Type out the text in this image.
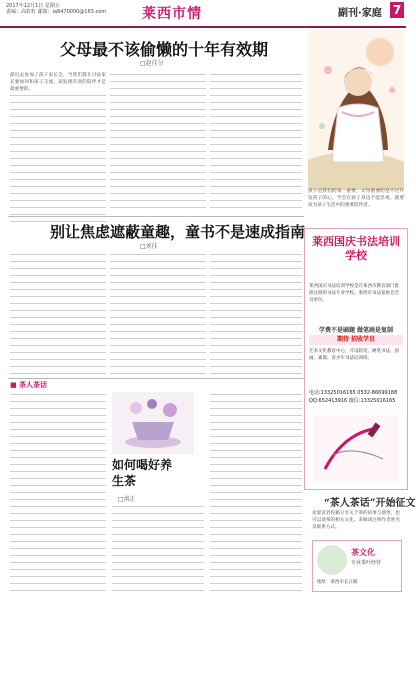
2017年12月1日 星期五
责编：高虹虹 邮箱：ia8470000@163.com	莱西市情	副刊·家庭 7
父母最不该偷懒的十年有效期
□赵佳分
最近去参加了孩子家长会，当我们都在讨论家长要如何和孩子交流，却发现有效的陪伴才是最重要的。
别让焦虑遮蔽童趣，童书不是速成指南
□刘佳
孩子是我们的第一重要，父母重要的是不过开发孩子的心，学会在孩子身边不能忽视，就要成为孩子生活中的重要陪伴者。
莱西国庆书法培训学校
莱西国庆书法培训学校是在莱西市教育部门批准注册的书法专业学校，莱西市书法家协会会员单位。
学费不是刷题 做笔画是复制
期待 招收学员
艺术文化教育中心，开设软笔、硬笔书法，国画、素描、青少年书法培训班。
电话:13325016165 0532-86699188
QQ:652413916 微信:13325016165
■ 茶人茶话
如何喝好养生茶
□洪正	“茶人茶话”开始征文
欢迎读者投稿分享关于茶的故事与感悟，也可以谈茶的相关文化。来稿请注明作者姓名及联系方式。
茶文化
专业茶叶经营
地址：莱西市长江路
